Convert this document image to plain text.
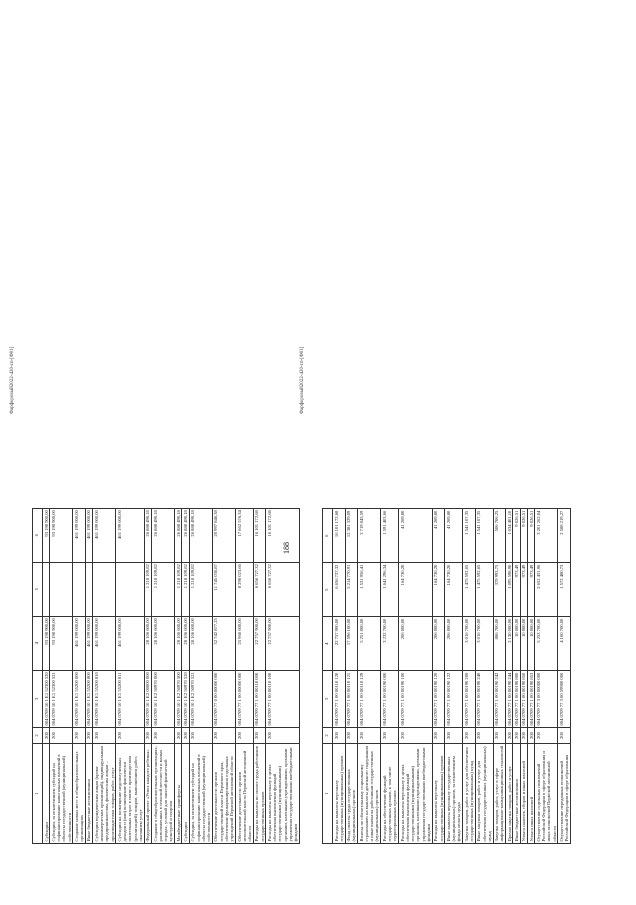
1	2	3	4	5	6
Субсидии	200	004 0709 10 1 E1 52300 520	93 198 900,00		93 198 900,00
Субсидии, за исключением субсидий на софинансирование капитальных вложений в объекты государственной (муниципальной) собственности	200	004 0709 10 1 E1 52300 521	93 198 900,00		93 198 900,00
Создание новых мест в общеобразовательных организациях	200	004 0709 10 1 E1 55200 000	461 199 000,00		461 199 000,00
Иные бюджетные ассигнования	200	004 0709 10 1 E1 55200 800	461 199 000,00		461 199 000,00
Субсидии юридическим лицам (кроме некоммерческих организаций), индивидуальным предпринимателям, физическим лицам – производителям товаров, работ, услуг	200	004 0709 10 1 E1 55200 810	461 199 000,00		461 199 000,00
Субсидии на возмещение недополученных доходов и (или) возмещение фактически понесенных затрат в связи с производством (реализацией) товаров, выполнением работ, оказанием услуг	200	004 0709 10 1 E1 55200 811	461 199 000,00		461 199 000,00
Федеральный проект «Успех каждого ребенка»	200	004 0709 10 1 E2 00000 000	28 106 600,00	1 218 109,82	26 888 490,18
Создание в общеобразовательных организациях, расположенных в сельской местности и малых городах, условий для занятий физической культурой и спортом	200	004 0709 10 1 E2 50970 000	28 106 600,00	1 218 109,82	26 888 490,18
Межбюджетные трансферты	200	004 0709 10 1 E2 50970 500	28 106 600,00	1 218 109,82	26 888 490,18
Субсидии	200	004 0709 10 1 E2 50970 520	28 106 600,00	1 218 109,82	26 888 490,18
Субсидии, за исключением субсидий на софинансирование капитальных вложений в объекты государственной (муниципальной) собственности	200	004 0709 10 1 E2 50970 521	28 106 600,00	1 218 109,82	26 888 490,18
Обеспечение деятельности органов государственной власти Пермского края, обеспечение функционирования отдельных учреждений Пермской автономной области	200	004 0709 77 0 00 00000 000	32 742 877,25	11 745 030,87	20 997 846,38
Обеспечение деятельности органов исполнительной власти Пермской автономной области	200	004 0709 77 1 00 00000 000	25 960 600,00	8 298 023,66	17 662 576,34
Расходы на выплаты по оплате труда работников государственных органов	200	004 0709 77 1 00 00110 000	22 757 900,00	6 656 727,32	16 101 172,68
Расходы на выплаты персоналу в целях обеспечения выполнения функций государственными (муниципальными) органами, казенными учреждениями, органами управления государственными внебюджетными фондами	200	004 0709 77 1 00 00110 100	22 757 900,00	6 656 727,32	16 101 172,68
Фарфоровый2022-420-сп-[Ф01]
188
1	2	3	4	5	6
Расходы на выплаты персоналу государственных (муниципальных) органов	200	004 0709 77 1 00 00110 120	22 757 900,00	6 656 727,32	16 101 172,68
Фонд оплаты труда государственных (муниципальных) органов	200	004 0709 77 1 00 00110 121	17 596 100,00	5 214 770,91	12 381 329,09
Взносы по обязательному социальному страхованию на выплаты денежного содержания и иные выплаты работникам государственных (муниципальных) органов	200	004 0709 77 1 00 00110 129	5 251 800,00	1 531 956,41	3 719 843,59
Расходы на обеспечение функций государственных органов, в том числе территориальных органов	200	004 0709 77 1 00 00190 000	3 232 700,00	1 641 296,34	1 591 403,66
Расходы на выплаты персоналу в целях обеспечения выполнения функций государственными (муниципальными) органами, казенными учреждениями, органами управления государственными внебюджетными фондами	200	004 0709 77 1 00 00190 100	206 000,00	164 730,20	41 269,80
Расходы на выплаты персоналу государственных (муниципальных) органов	200	004 0709 77 1 00 00190 120	206 000,00	164 730,20	41 269,80
Иные выплаты персоналу государственных (муниципальных) органов, за исключением фонда оплаты труда	200	004 0709 77 1 00 00190 122	206 000,00	164 730,20	41 269,80
Закупка товаров, работ и услуг для обеспечения государственных (муниципальных) нужд	200	004 0709 77 1 00 00190 200	3 016 700,00	1 475 592,65	1 541 107,35
Иные закупки товаров, работ и услуг для обеспечения государственных (муниципальных) нужд	200	004 0709 77 1 00 00190 240	3 016 700,00	1 475 592,65	1 541 107,35
Закупка товаров, работ, услуг в сфере информационно-коммуникационных технологий	200	004 0709 77 1 00 00190 242	886 700,00	379 993,75	506 706,25
Прочая закупка товаров, работ и услуг	200	004 0709 77 1 00 00190 244	2 130 000,00	1 095 598,90	1 034 401,10
Иные бюджетные ассигнования	200	004 0709 77 1 00 00190 800	10 000,00	973,49	9 026,51
Уплата налогов, сборов и иных платежей	200	004 0709 77 1 00 00190 850	10 000,00	973,49	9 026,51
Уплата иных платежей	200	004 0709 77 1 00 00190 853	10 000,00	973,49	9 026,51
Осуществление отдельных полномочий Российской Федерации в сфере образования и иных полномочий Пермской автономной области	200	004 0709 77 3 00 00000 000	5 253 700,00	2 652 431,96	3 201 262,04
Осуществление переданных полномочий Российской Федерации в сфере образования	200	004 0709 77 3 00 59900 000	4 160 700,00	1 572 480,73	2 588 219,27
Фарфоровый2022-420-сп-[Ф01]
